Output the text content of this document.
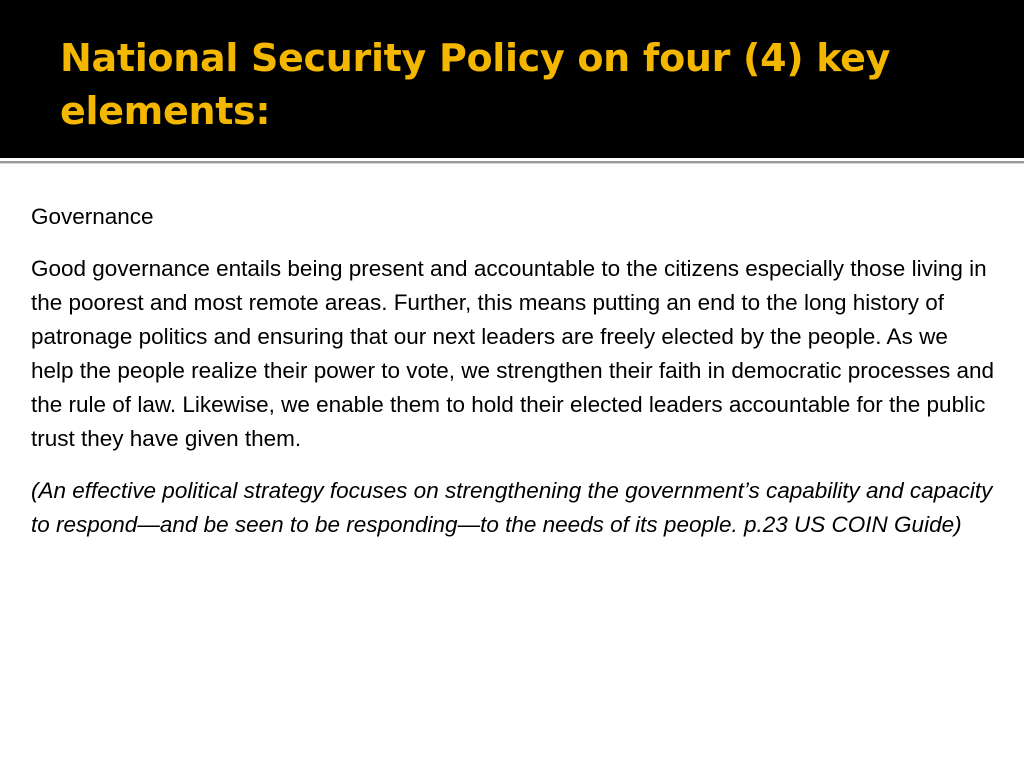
National Security Policy on four (4) key elements:

Governance

Good governance entails being present and accountable to the citizens especially those living in the poorest and most remote areas. Further, this means putting an end to the long history of patronage politics and ensuring that our next leaders are freely elected by the people. As we help the people realize their power to vote, we strengthen their faith in democratic processes and the rule of law. Likewise, we enable them to hold their elected leaders accountable for the public trust they have given them.

(An effective political strategy focuses on strengthening the government’s capability and capacity to respond—and be seen to be responding—to the needs of its people. p.23 US COIN Guide)
